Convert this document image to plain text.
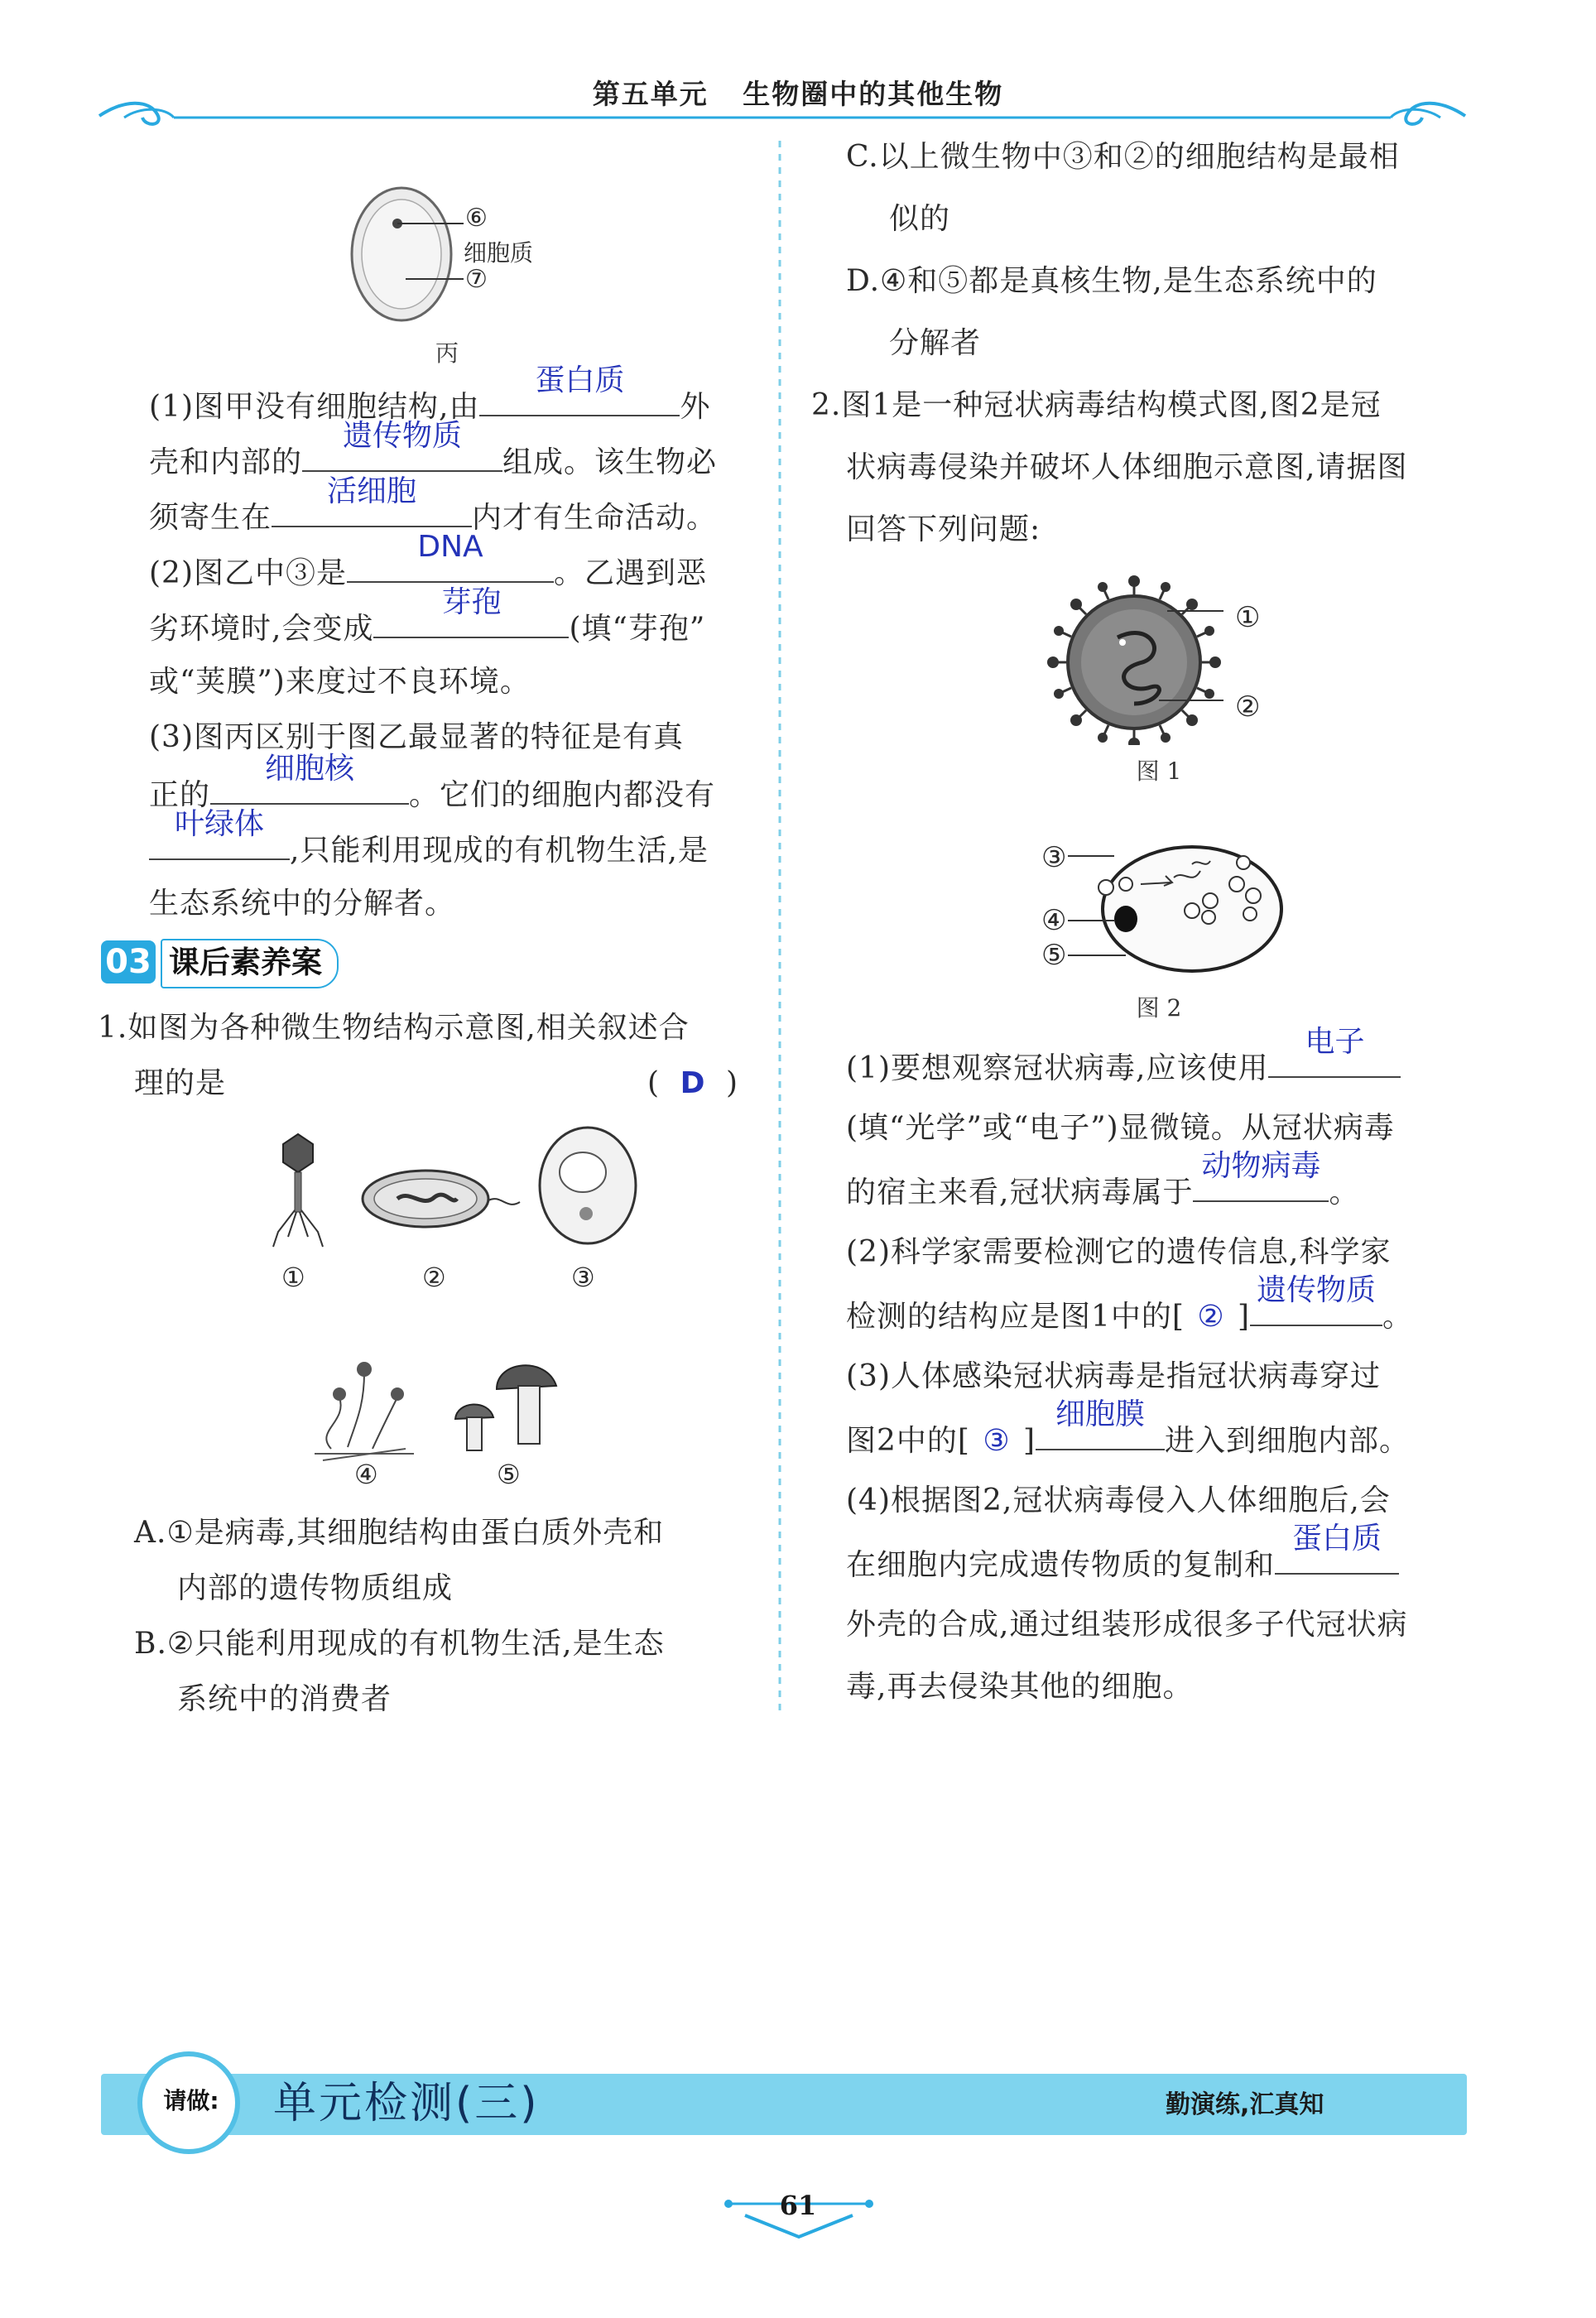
第五单元 生物圈中的其他生物
⑥
细胞质
⑦
丙
(1)图甲没有细胞结构,由
蛋白质
外
壳和内部的
遗传物质
组成。该生物必
须寄生在
活细胞
内才有生命活动。
(2)图乙中③是
DNA
。乙遇到恶
劣环境时,会变成
芽孢
(填“芽孢”
或“荚膜”)来度过不良环境。
(3)图丙区别于图乙最显著的特征是有真
正的
细胞核
。它们的细胞内都没有
叶绿体
,只能利用现成的有机物生活,是
生态系统中的分解者。
1.如图为各种微生物结构示意图,相关叙述合
理的是	( D )
A.①是病毒,其细胞结构由蛋白质外壳和
内部的遗传物质组成
B.②只能利用现成的有机物生活,是生态
系统中的消费者
03 课后素养案
①	②	③
④	⑤
C.以上微生物中③和②的细胞结构是最相
似的
D.④和⑤都是真核生物,是生态系统中的
分解者
2.图1是一种冠状病毒结构模式图,图2是冠
状病毒侵染并破坏人体细胞示意图,请据图
回答下列问题:
(1)要想观察冠状病毒,应该使用
电子
(填“光学”或“电子”)显微镜。从冠状病毒
的宿主来看,冠状病毒属于
动物病毒
。
(2)科学家需要检测它的遗传信息,科学家
检测的结构应是图1中的[ ② ]
遗传物质
。
(3)人体感染冠状病毒是指冠状病毒穿过
图2中的[ ③ ]
细胞膜
进入到细胞内部。
(4)根据图2,冠状病毒侵入人体细胞后,会
在细胞内完成遗传物质的复制和
蛋白质
外壳的合成,通过组装形成很多子代冠状病
毒,再去侵染其他的细胞。
①
②
图 1
③
④
⑤
图 2
请做: 单元检测(三)	勤演练,汇真知
61
